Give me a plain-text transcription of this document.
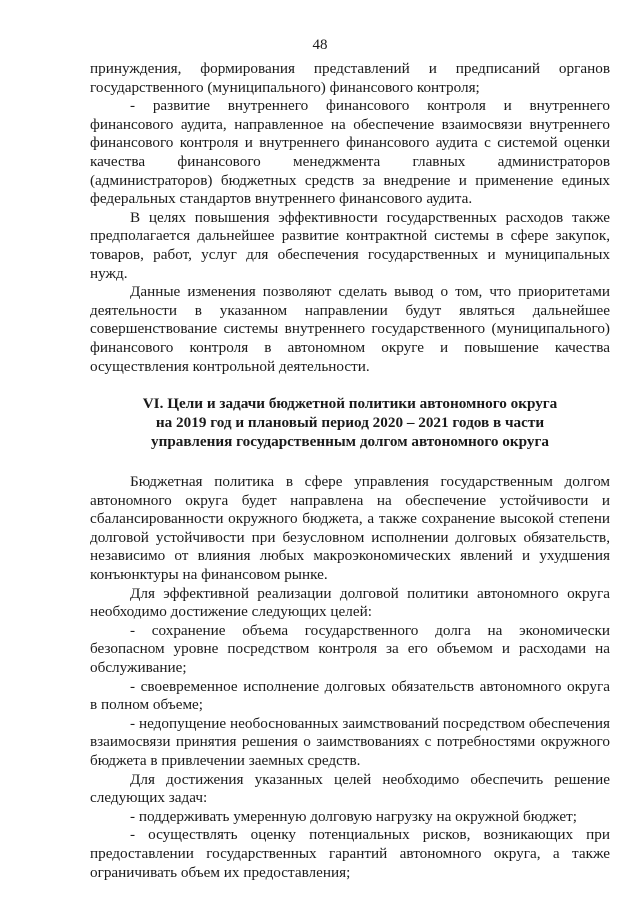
48

принуждения, формирования представлений и предписаний органов государственного (муниципального) финансового контроля;

- развитие внутреннего финансового контроля и внутреннего финансового аудита, направленное на обеспечение взаимосвязи внутреннего финансового контроля и внутреннего финансового аудита с системой оценки качества финансового менеджмента главных администраторов (администраторов) бюджетных средств за внедрение и применение единых федеральных стандартов внутреннего финансового аудита.

В целях повышения эффективности государственных расходов также предполагается дальнейшее развитие контрактной системы в сфере закупок, товаров, работ, услуг для обеспечения государственных и муниципальных нужд.

Данные изменения позволяют сделать вывод о том, что приоритетами деятельности в указанном направлении будут являться дальнейшее совершенствование системы внутреннего государственного (муниципального) финансового контроля в автономном округе и повышение качества осуществления контрольной деятельности.

VI. Цели и задачи бюджетной политики автономного округа
на 2019 год и плановый период 2020 – 2021 годов в части
управления государственным долгом автономного округа

Бюджетная политика в сфере управления государственным долгом автономного округа будет направлена на обеспечение устойчивости и сбалансированности окружного бюджета, а также сохранение высокой степени долговой устойчивости при безусловном исполнении долговых обязательств, независимо от влияния любых макроэкономических явлений и ухудшения конъюнктуры на финансовом рынке.

Для эффективной реализации долговой политики автономного округа необходимо достижение следующих целей:

- сохранение объема государственного долга на экономически безопасном уровне посредством контроля за его объемом и расходами на обслуживание;

- своевременное исполнение долговых обязательств автономного округа в полном объеме;

- недопущение необоснованных заимствований посредством обеспечения взаимосвязи принятия решения о заимствованиях с потребностями окружного бюджета в привлечении заемных средств.

Для достижения указанных целей необходимо обеспечить решение следующих задач:

- поддерживать умеренную долговую нагрузку на окружной бюджет;

- осуществлять оценку потенциальных рисков, возникающих при предоставлении государственных гарантий автономного округа, а также ограничивать объем их предоставления;
